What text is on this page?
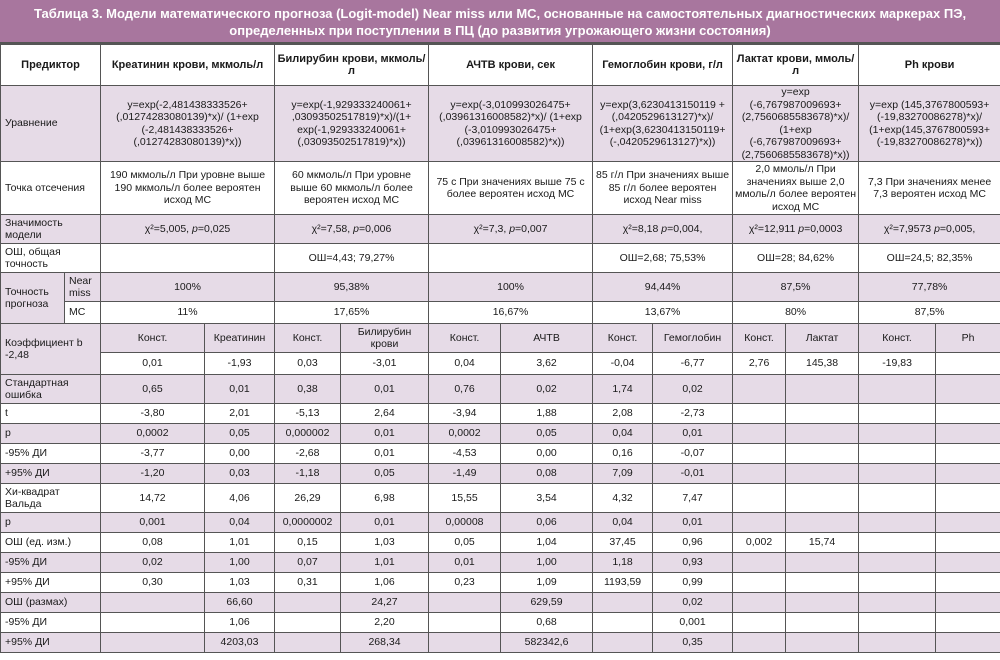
Таблица 3. Модели математического прогноза (Logit-model) Near miss или МС, основанные на самостоятельных диагностических маркерах ПЭ, определенных при поступлении в ПЦ (до развития угрожающего жизни состояния)
Предиктор		Креатинин крови, мкмоль/л		Билирубин крови, мкмоль/л		АЧТВ крови, сек		Гемоглобин крови, г/л		Лактат крови, ммоль/л		Ph крови	
Уравнение		y=exp(-2,481438333526+ (,01274283080139)*x)/ (1+exp (-2,481438333526+ (,01274283080139)*x))		y=exp(-1,929333240061+ ,03093502517819)*x)/(1+ exp(-1,929333240061+ (,03093502517819)*x))		y=exp(-3,010993026475+ (,03961316008582)*x)/ (1+exp (-3,010993026475+ (,03961316008582)*x))		y=exp(3,6230413150119 +(,0420529613127)*x)/ (1+exp(3,6230413150119+ (-,0420529613127)*x))		y=exp (-6,767987009693+ (2,7560685583678)*x)/ (1+exp (-6,767987009693+ (2,7560685583678)*x))		y=exp (145,3767800593+ (-19,83270086278)*x)/ (1+exp(145,3767800593+ (-19,83270086278)*x))	
Точка отсечения		190 мкмоль/л При уровне выше 190 мкмоль/л более вероятен исход МС		60 мкмоль/л При уровне выше 60 мкмоль/л более вероятен исход МС		75 с При значениях выше 75 с более вероятен исход МС		85 г/л При значениях выше 85 г/л более вероятен исход Near miss		2,0 ммоль/л При значениях выше 2,0 ммоль/л более вероятен исход МС		7,3 При значениях менее 7,3 вероятен исход МС	
Значимость модели		χ²=5,005, p=0,025		χ²=7,58, p=0,006		χ²=7,3, p=0,007		χ²=8,18 p=0,004,		χ²=12,911 p=0,0003		χ²=7,9573 p=0,005,	
ОШ, общая точность				ОШ=4,43; 79,27%				ОШ=2,68; 75,53%		ОШ=28; 84,62%		ОШ=24,5; 82,35%	
Точность прогноза	Near miss	100%		95,38%		100%		94,44%		87,5%		77,78%	
	МС	11%		17,65%		16,67%		13,67%		80%		87,5%	
Коэффициент b -2,48		Конст.	Креатинин	Конст.	Билирубин крови	Конст.	АЧТВ	Конст.	Гемоглобин	Конст.	Лактат	Конст.	Ph
		0,01	-1,93	0,03	-3,01	0,04	3,62	-0,04	-6,77	2,76	145,38	-19,83	
Стандартная ошибка		0,65	0,01	0,38	0,01	0,76	0,02	1,74	0,02				
t		-3,80	2,01	-5,13	2,64	-3,94	1,88	2,08	-2,73				
p		0,0002	0,05	0,000002	0,01	0,0002	0,05	0,04	0,01				
-95% ДИ		-3,77	0,00	-2,68	0,01	-4,53	0,00	0,16	-0,07				
+95% ДИ		-1,20	0,03	-1,18	0,05	-1,49	0,08	7,09	-0,01				
Хи-квадрат Вальда		14,72	4,06	26,29	6,98	15,55	3,54	4,32	7,47				
p		0,001	0,04	0,0000002	0,01	0,00008	0,06	0,04	0,01				
ОШ (ед. изм.)		0,08	1,01	0,15	1,03	0,05	1,04	37,45	0,96	0,002	15,74		
-95% ДИ		0,02	1,00	0,07	1,01	0,01	1,00	1,18	0,93				
+95% ДИ		0,30	1,03	0,31	1,06	0,23	1,09	1193,59	0,99				
ОШ (размах)			66,60		24,27		629,59		0,02				
-95% ДИ			1,06		2,20		0,68		0,001				
+95% ДИ			4203,03		268,34		582342,6		0,35				
